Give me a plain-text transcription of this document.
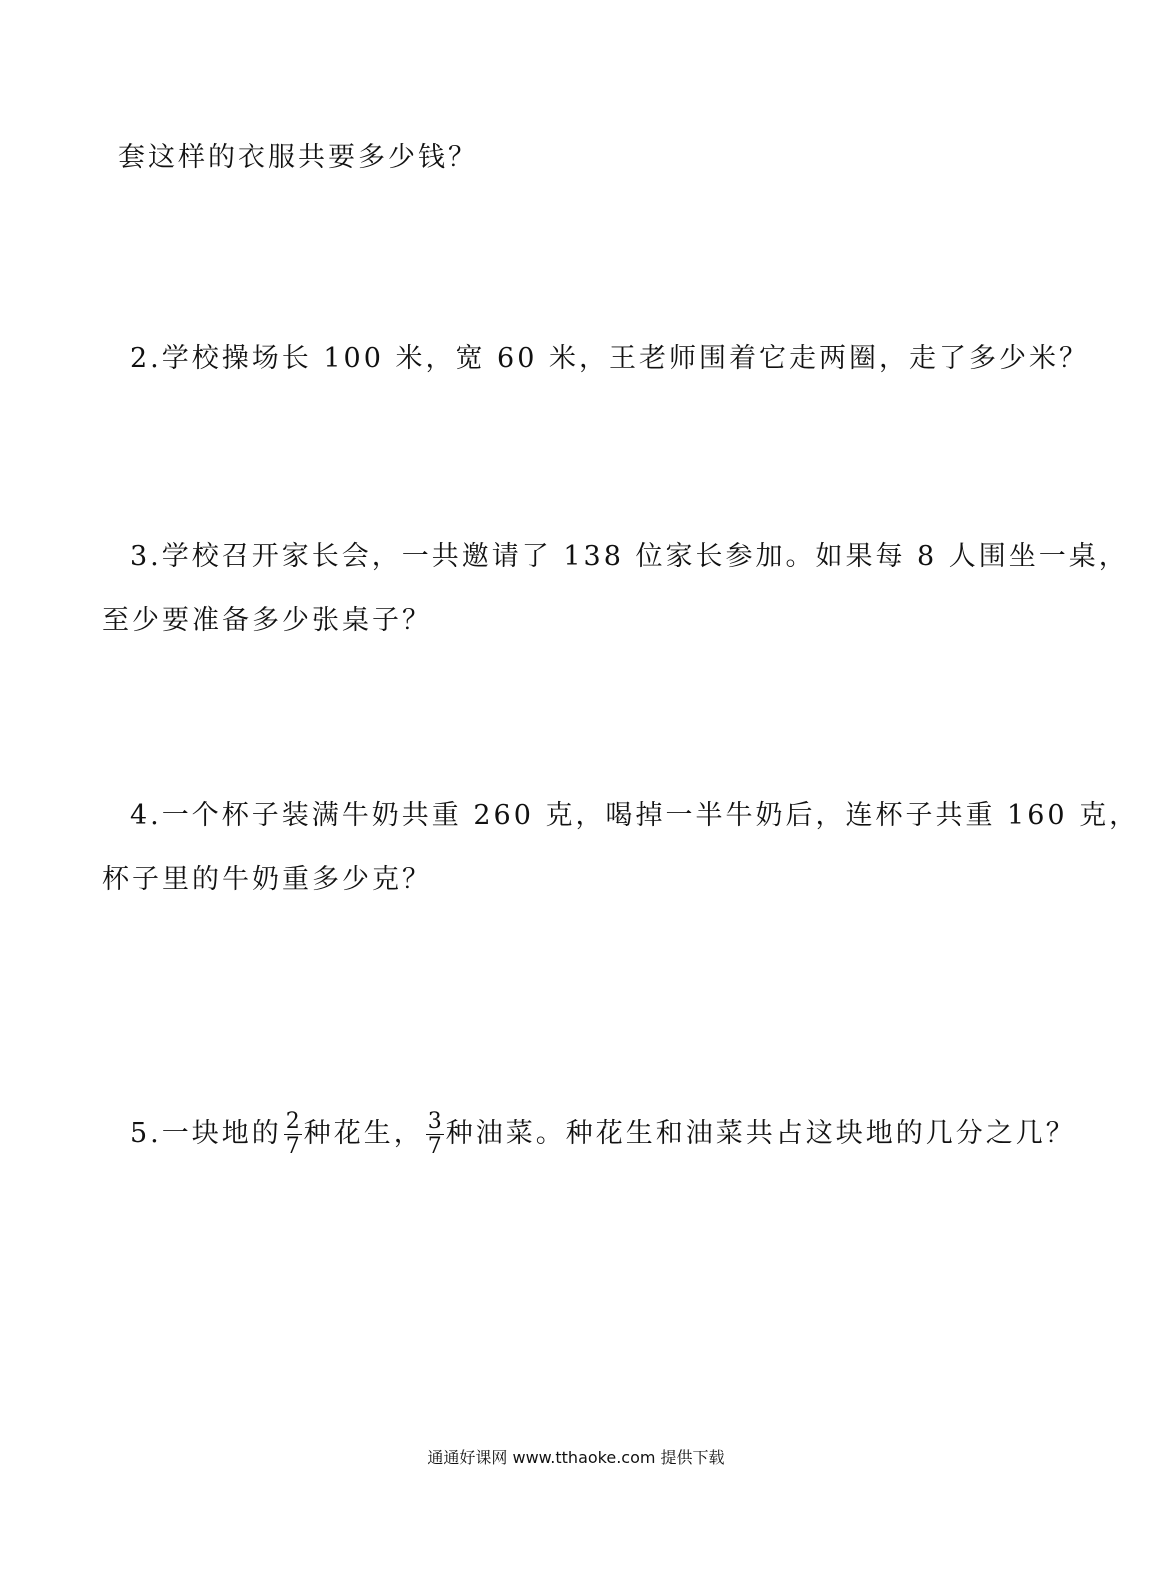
套这样的衣服共要多少钱？
2.学校操场长 100 米，宽 60 米，王老师围着它走两圈，走了多少米？
3.学校召开家长会，一共邀请了 138 位家长参加。如果每 8 人围坐一桌，
至少要准备多少张桌子？
4.一个杯子装满牛奶共重 260 克，喝掉一半牛奶后，连杯子共重 160 克，
杯子里的牛奶重多少克？
5.一块地的 $\frac{2}{7}$ 种花生， $\frac{3}{7}$ 种油菜。种花生和油菜共占这块地的几分之几？
通通好课网 www.tthaoke.com 提供下载
